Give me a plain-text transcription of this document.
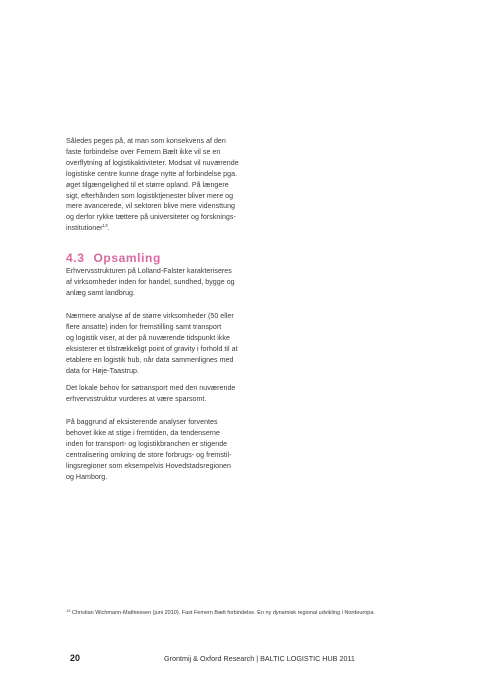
Således peges på, at man som konsekvens af den
faste forbindelse over Femern Bælt ikke vil se en
overflytning af logistikaktiviteter. Modsat vil nuværende
logistiske centre kunne drage nytte af forbindelse pga.
øget tilgængelighed til et større opland. På længere
sigt, efterhånden som logistiktjenester bliver mere og
mere avancerede, vil sektoren blive mere vidensttung
og derfor rykke tættere på universiteter og forsknings-
institutioner$^{13}$.

4.3 Opsamling

Erhvervsstrukturen på Lolland-Falster karakteriseres
af virksomheder inden for handel, sundhed, bygge og
anlæg samt landbrug.

Nærmere analyse af de større virksomheder (50 eller
flere ansatte) inden for fremstilling samt transport
og logistik viser, at der på nuværende tidspunkt ikke
eksisterer et tilstrækkeligt point of gravity i forhold til at
etablere en logistik hub, når data sammenlignes med
data for Høje-Taastrup.

Det lokale behov for søtransport med den nuværende
erhvervsstruktur vurderes at være sparsomt.

På baggrund af eksisterende analyser forventes
behovet ikke at stige i fremtiden, da tendenserne
inden for transport- og logistikbranchen er stigende
centralisering omkring de store forbrugs- og fremstil-
lingsregioner som eksempelvis Hovedstadsregionen
og Hamborg.

$^{13}$ Christian Wichmann-Mathiessen (juni 2010). Fast Femern Bælt forbindelse. En ny dynamisk regional udvikling i Nordeuropa.
20	Grontmij & Oxford Research | BALTIC LOGISTIC HUB 2011
